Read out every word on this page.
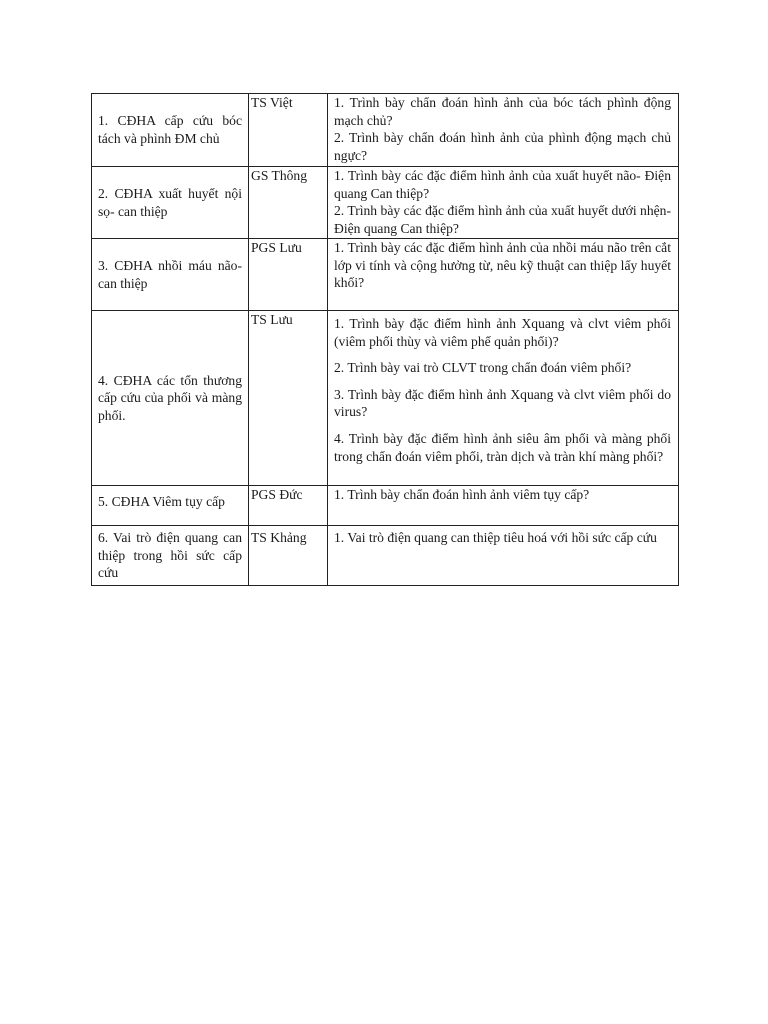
1. CĐHA cấp cứu bóc tách và phình ĐM chủ	TS Việt	1. Trình bày chẩn đoán hình ảnh của bóc tách phình động mạch chủ?
2. Trình bày chẩn đoán hình ảnh của phình động mạch chủ ngực?

2. CĐHA xuất huyết nội sọ- can thiệp	GS Thông	1. Trình bày các đặc điểm hình ảnh của xuất huyết não- Điện quang Can thiệp?
2. Trình bày các đặc điểm hình ảnh của xuất huyết dưới nhện- Điện quang Can thiệp?

3. CĐHA nhồi máu não- can thiệp	PGS Lưu	1. Trình bày các đặc điểm hình ảnh của nhồi máu não trên cắt lớp vi tính và cộng hưởng từ, nêu kỹ thuật can thiệp lấy huyết khối?

4. CĐHA các tổn thương cấp cứu của phối và màng phối.	TS Lưu	1. Trình bày đặc điểm hình ảnh Xquang và clvt viêm phối (viêm phối thùy và viêm phế quản phối)?
2. Trình bày vai trò CLVT trong chẩn đoán viêm phối?
3. Trình bày đặc điểm hình ảnh Xquang và clvt viêm phối do virus?
4. Trình bày đặc điểm hình ảnh siêu âm phối và màng phối trong chẩn đoán viêm phối, tràn dịch và tràn khí màng phối?

5. CĐHA Viêm tụy cấp	PGS Đức	1. Trình bày chẩn đoán hình ảnh viêm tụy cấp?

6. Vai trò điện quang can thiệp trong hồi sức cấp cứu	TS Khảng	1. Vai trò điện quang can thiệp tiêu hoá với hồi sức cấp cứu
